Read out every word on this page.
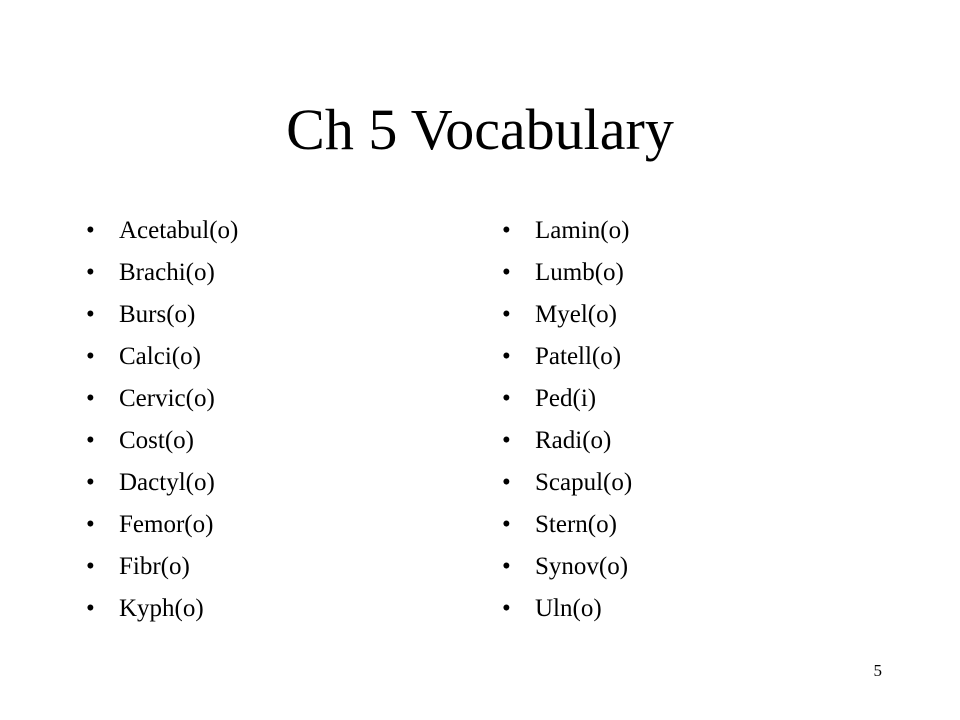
Ch 5 Vocabulary
• Acetabul(o)
• Brachi(o)
• Burs(o)
• Calci(o)
• Cervic(o)
• Cost(o)
• Dactyl(o)
• Femor(o)
• Fibr(o)
• Kyph(o)
• Lamin(o)
• Lumb(o)
• Myel(o)
• Patell(o)
• Ped(i)
• Radi(o)
• Scapul(o)
• Stern(o)
• Synov(o)
• Uln(o)
5
